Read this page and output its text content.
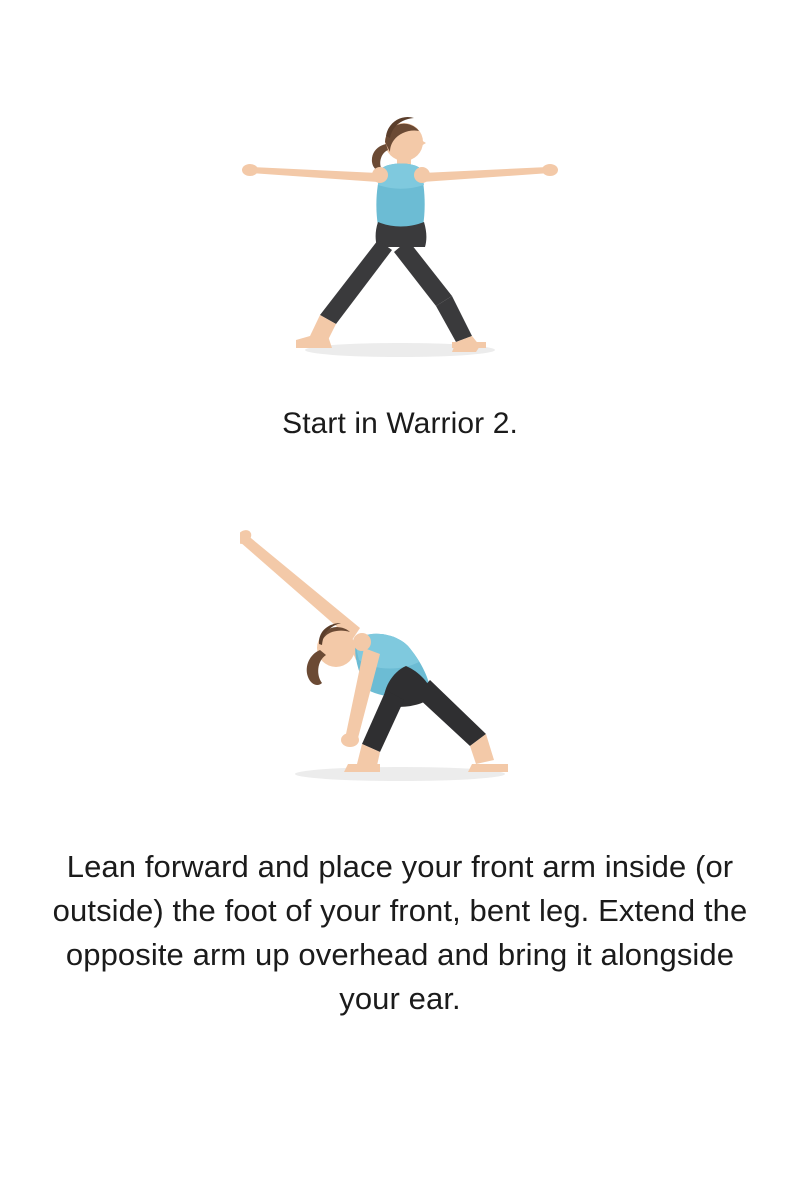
Start in Warrior 2.

Lean forward and place your front arm inside (or outside) the foot of your front, bent leg. Extend the opposite arm up overhead and bring it alongside your ear.
